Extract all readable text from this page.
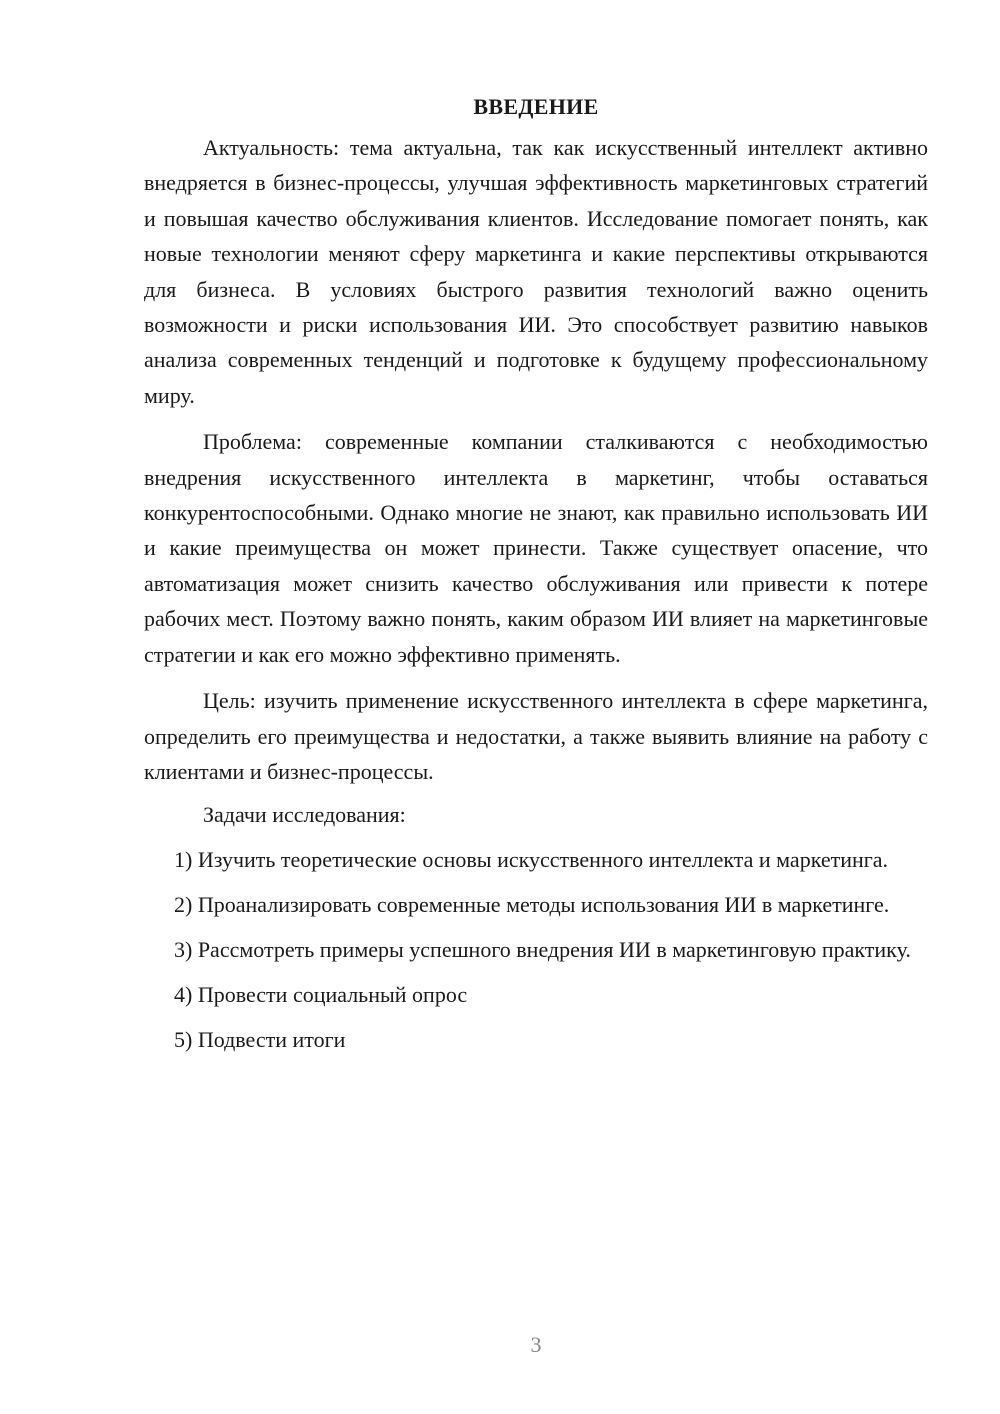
ВВЕДЕНИЕ

Актуальность: тема актуальна, так как искусственный интеллект активно внедряется в бизнес-процессы, улучшая эффективность маркетинговых стратегий и повышая качество обслуживания клиентов. Исследование помогает понять, как новые технологии меняют сферу маркетинга и какие перспективы открываются для бизнеса. В условиях быстрого развития технологий важно оценить возможности и риски использования ИИ. Это способствует развитию навыков анализа современных тенденций и подготовке к будущему профессиональному миру.

Проблема: современные компании сталкиваются с необходимостью внедрения искусственного интеллекта в маркетинг, чтобы оставаться конкурентоспособными. Однако многие не знают, как правильно использовать ИИ и какие преимущества он может принести. Также существует опасение, что автоматизация может снизить качество обслуживания или привести к потере рабочих мест. Поэтому важно понять, каким образом ИИ влияет на маркетинговые стратегии и как его можно эффективно применять.

Цель: изучить применение искусственного интеллекта в сфере маркетинга, определить его преимущества и недостатки, а также выявить влияние на работу с клиентами и бизнес-процессы.

Задачи исследования:

1) Изучить теоретические основы искусственного интеллекта и маркетинга.

2) Проанализировать современные методы использования ИИ в маркетинге.

3) Рассмотреть примеры успешного внедрения ИИ в маркетинговую практику.

4) Провести социальный опрос

5) Подвести итоги

3
